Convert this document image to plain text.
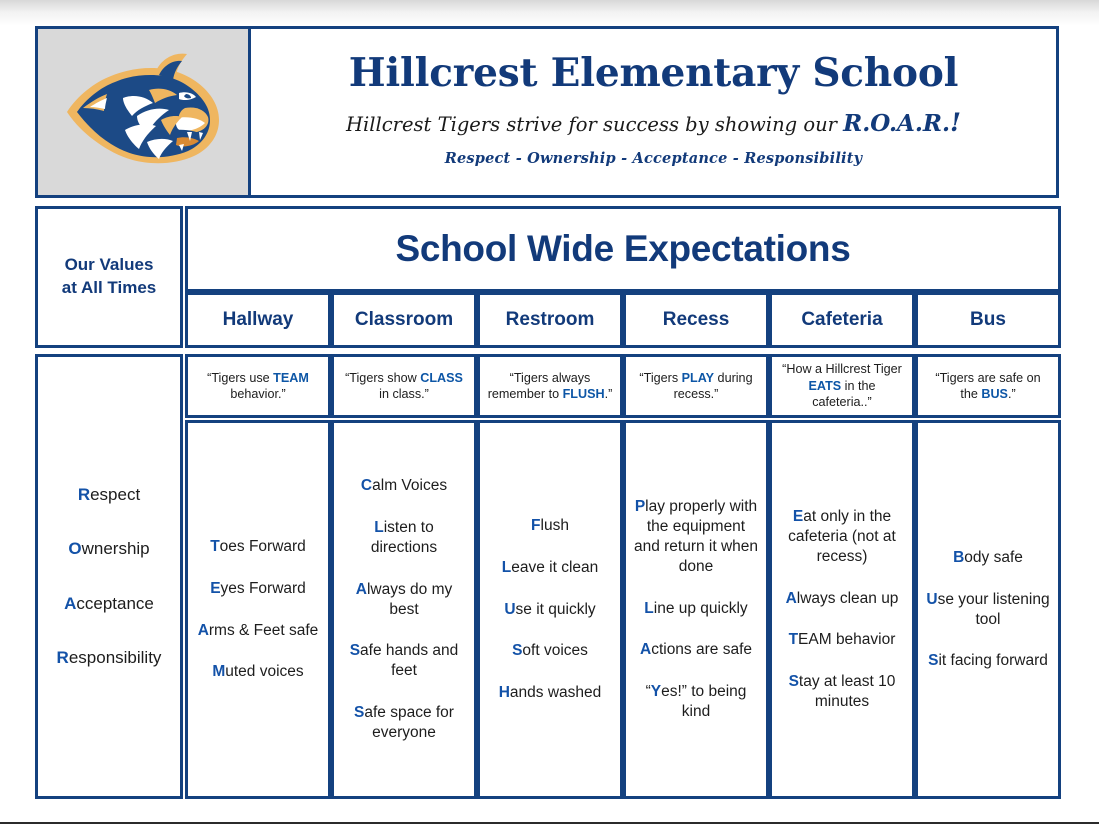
Hillcrest Elementary School
Hillcrest Tigers strive for success by showing our R.O.A.R.!
Respect - Ownership - Acceptance - Responsibility
Our Values
at All Times
School Wide Expectations
Hallway
“Tigers use TEAM behavior.”
Toes Forward
Eyes Forward
Arms & Feet safe
Muted voices
Classroom
“Tigers show CLASS in class.”
Calm Voices
Listen to directions
Always do my best
Safe hands and feet
Safe space for everyone
Restroom
“Tigers always remember to FLUSH.”
Flush
Leave it clean
Use it quickly
Soft voices
Hands washed
Recess
“Tigers PLAY during recess.”
Play properly with the equipment and return it when done
Line up quickly
Actions are safe
“Yes!” to being kind
Cafeteria
“How a Hillcrest Tiger EATS in the cafeteria..”
Eat only in the cafeteria (not at recess)
Always clean up
TEAM behavior
Stay at least 10 minutes
Bus
“Tigers are safe on the BUS.”
Body safe
Use your listening tool
Sit facing forward
Respect
Ownership
Acceptance
Responsibility
